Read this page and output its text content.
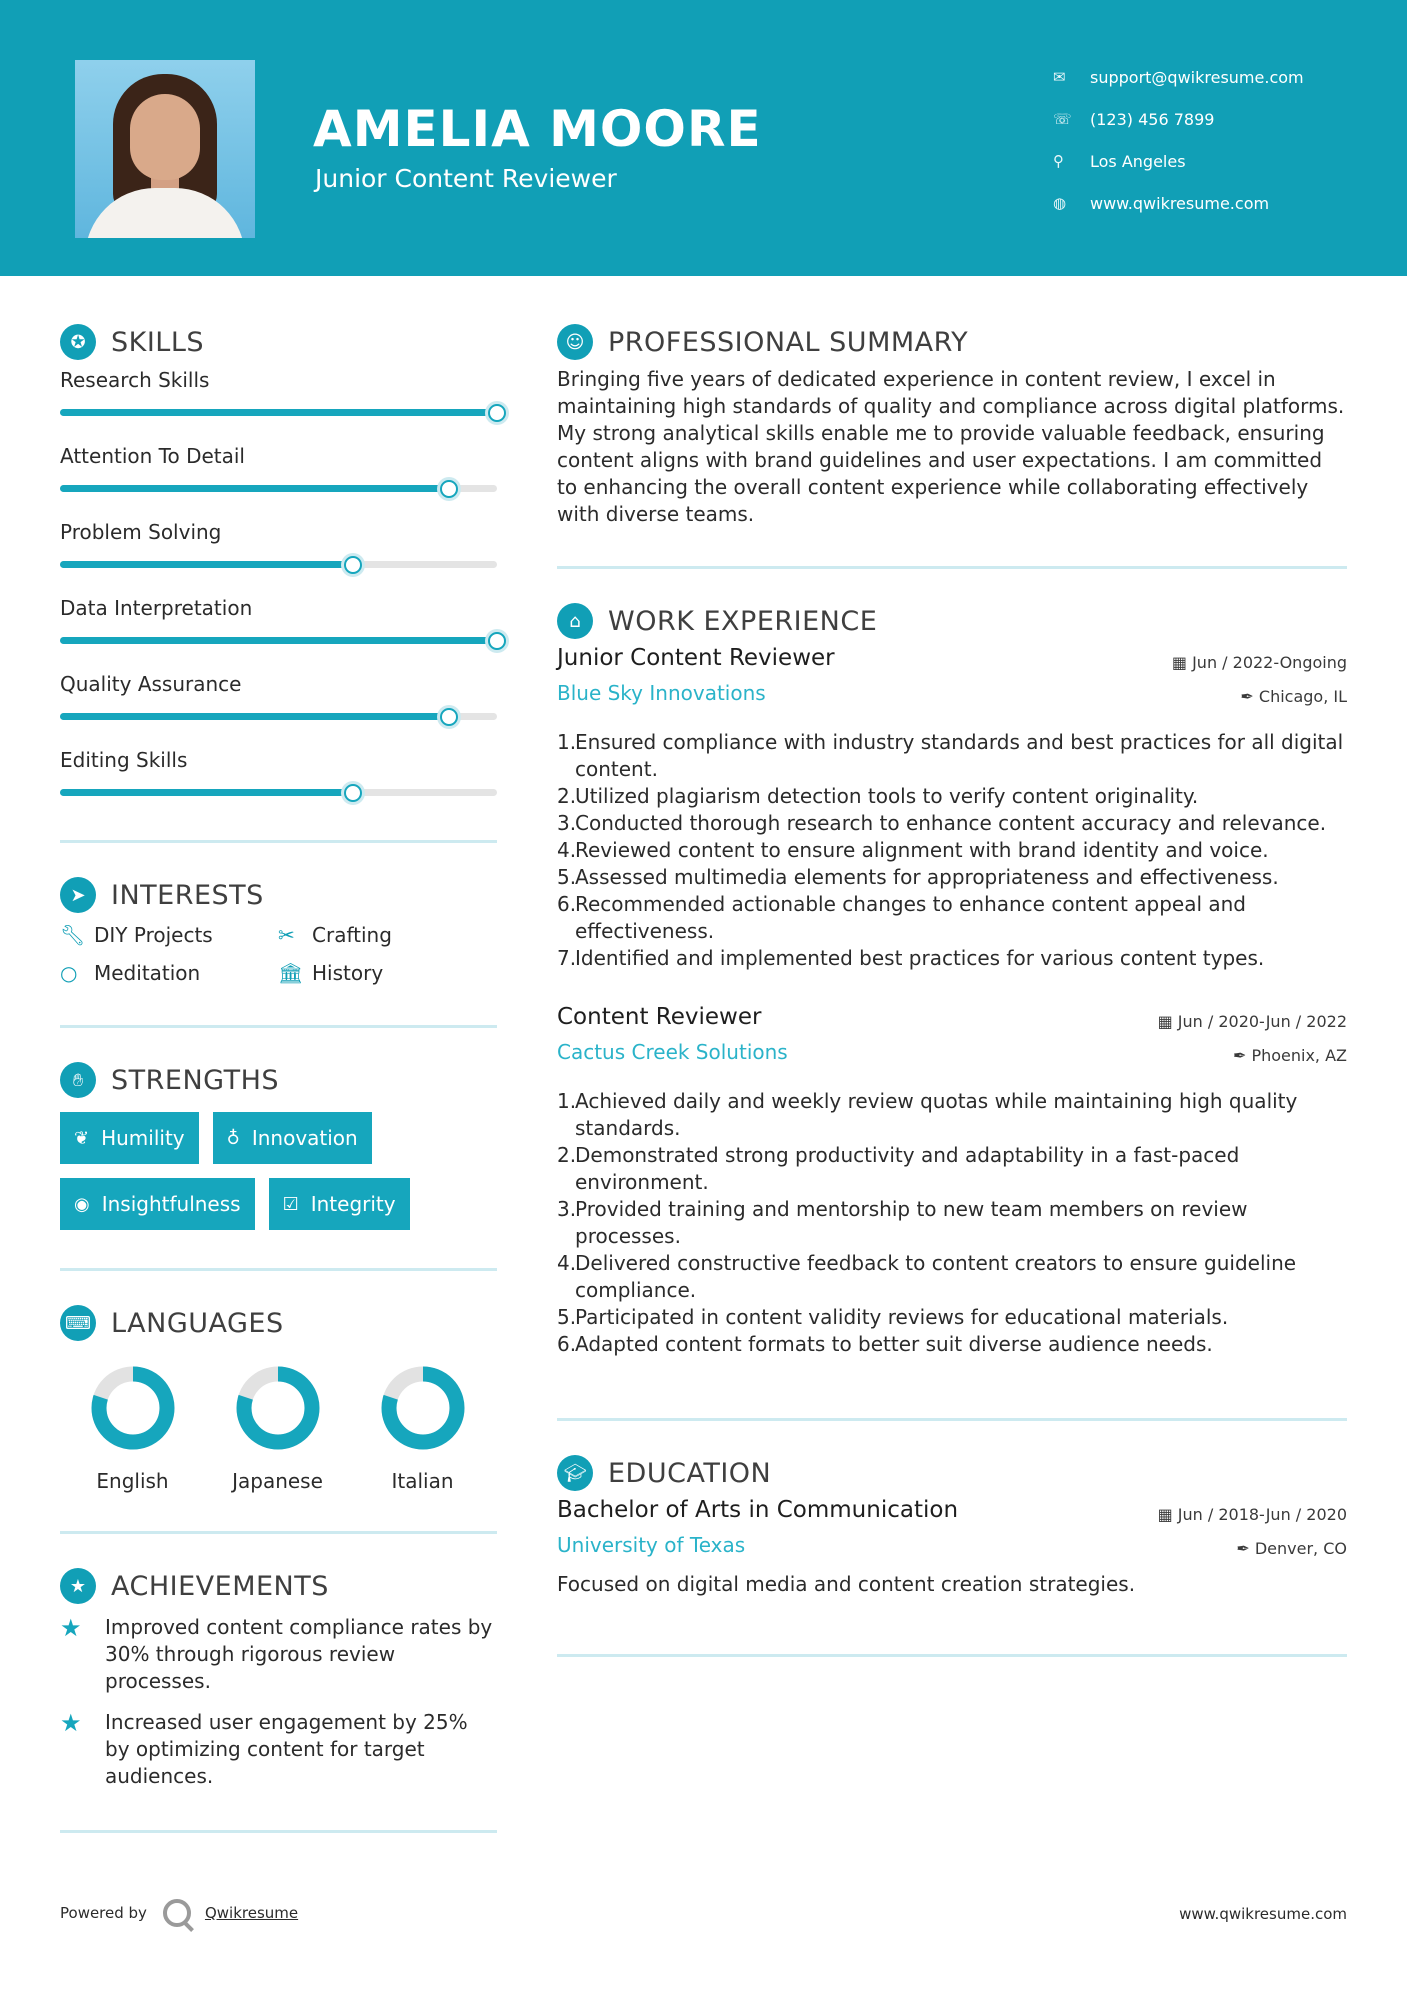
AMELIA MOORE
Junior Content Reviewer
✉	support@qwikresume.com
☏	(123) 456 7899
⚲	Los Angeles
◍	www.qwikresume.com
✪ SKILLS
Research Skills
Attention To Detail
Problem Solving
Data Interpretation
Quality Assurance
Editing Skills
➤ INTERESTS
🔧︎ DIY Projects	✂ Crafting
○ Meditation	🏛︎ History
✋︎	STRENGTHS
❦ Humility ♁ Innovation
◉ Insightfulness ☑ Integrity
⌨ LANGUAGES
English	Japanese	Italian
★ ACHIEVEMENTS
★	Improved content compliance rates by 30% through rigorous review processes.
★	Increased user engagement by 25% by optimizing content for target audiences.
☺ PROFESSIONAL SUMMARY
Bringing five years of dedicated experience in content review, I excel in maintaining high standards of quality and compliance across digital platforms. My strong analytical skills enable me to provide valuable feedback, ensuring content aligns with brand guidelines and user expectations. I am committed to enhancing the overall content experience while collaborating effectively with diverse teams.
⌂	WORK EXPERIENCE
Junior Content Reviewer	▦ Jun / 2022-Ongoing
Blue Sky Innovations	✒ Chicago, IL
1.
Ensured compliance with industry standards and best practices for all digital content.
2.
Utilized plagiarism detection tools to verify content originality.
3.
Conducted thorough research to enhance content accuracy and relevance.
4.
Reviewed content to ensure alignment with brand identity and voice.
5.
Assessed multimedia elements for appropriateness and effectiveness.
6.
Recommended actionable changes to enhance content appeal and effectiveness.
7.
Identified and implemented best practices for various content types.
Content Reviewer	▦ Jun / 2020-Jun / 2022
Cactus Creek Solutions	✒ Phoenix, AZ
1.
Achieved daily and weekly review quotas while maintaining high quality standards.
2.
Demonstrated strong productivity and adaptability in a fast-paced environment.
3.
Provided training and mentorship to new team members on review processes.
4.
Delivered constructive feedback to content creators to ensure guideline compliance.
5.
Participated in content validity reviews for educational materials.
6.
Adapted content formats to better suit diverse audience needs.
🎓︎ EDUCATION
Bachelor of Arts in Communication	▦ Jun / 2018-Jun / 2020
University of Texas	✒ Denver, CO
Focused on digital media and content creation strategies.
Powered by	Qwikresume	www.qwikresume.com
